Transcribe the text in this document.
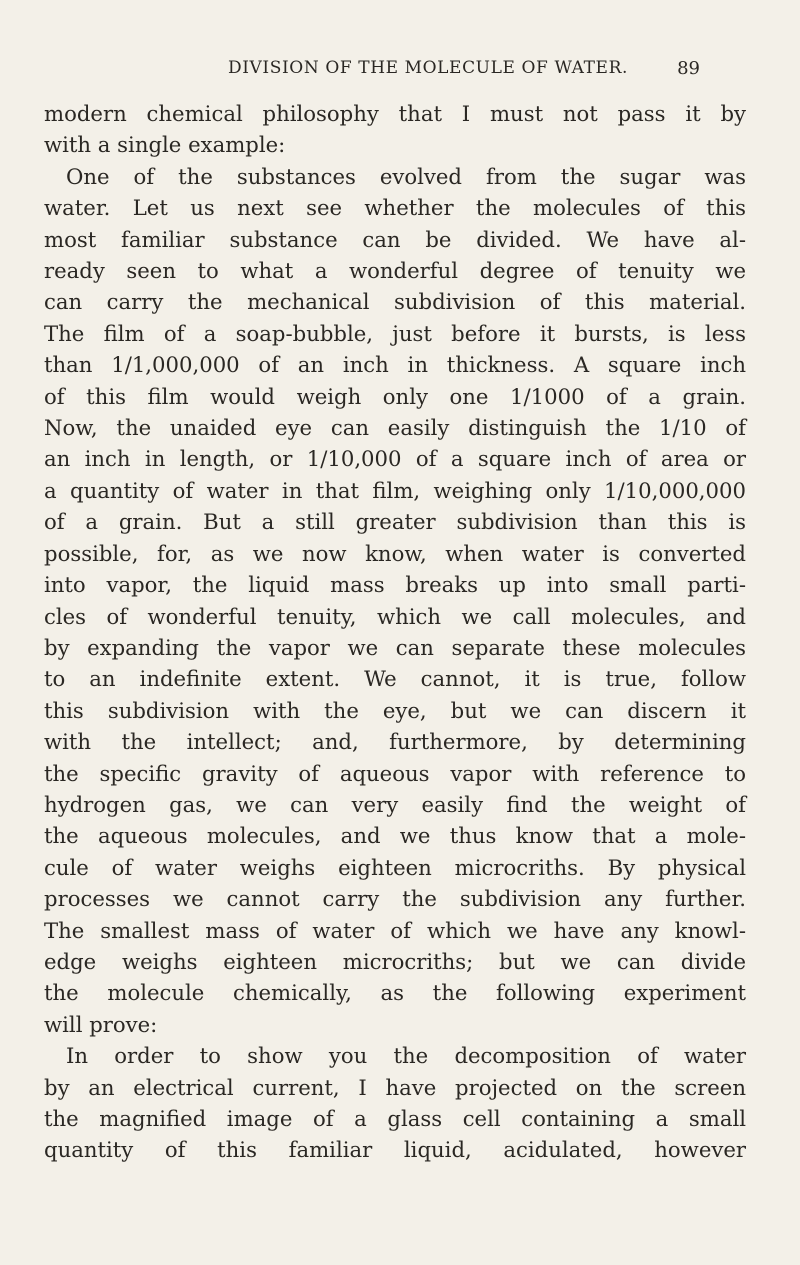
DIVISION OF THE MOLECULE OF WATER.	89
modern chemical philosophy that I must not pass it by
with a single example:
One of the substances evolved from the sugar was
water. Let us next see whether the molecules of this
most familiar substance can be divided. We have al-
ready seen to what a wonderful degree of tenuity we
can carry the mechanical subdivision of this material.
The film of a soap-bubble, just before it bursts, is less
than 1/1,000,000 of an inch in thickness. A square inch
of this film would weigh only one 1/1000 of a grain.
Now, the unaided eye can easily distinguish the 1/10 of
an inch in length, or 1/10,000 of a square inch of area or
a quantity of water in that film, weighing only 1/10,000,000
of a grain. But a still greater subdivision than this is
possible, for, as we now know, when water is converted
into vapor, the liquid mass breaks up into small parti-
cles of wonderful tenuity, which we call molecules, and
by expanding the vapor we can separate these molecules
to an indefinite extent. We cannot, it is true, follow
this subdivision with the eye, but we can discern it
with the intellect; and, furthermore, by determining
the specific gravity of aqueous vapor with reference to
hydrogen gas, we can very easily find the weight of
the aqueous molecules, and we thus know that a mole-
cule of water weighs eighteen microcriths. By physical
processes we cannot carry the subdivision any further.
The smallest mass of water of which we have any knowl-
edge weighs eighteen microcriths; but we can divide
the molecule chemically, as the following experiment
will prove:
In order to show you the decomposition of water
by an electrical current, I have projected on the screen
the magnified image of a glass cell containing a small
quantity of this familiar liquid, acidulated, however
